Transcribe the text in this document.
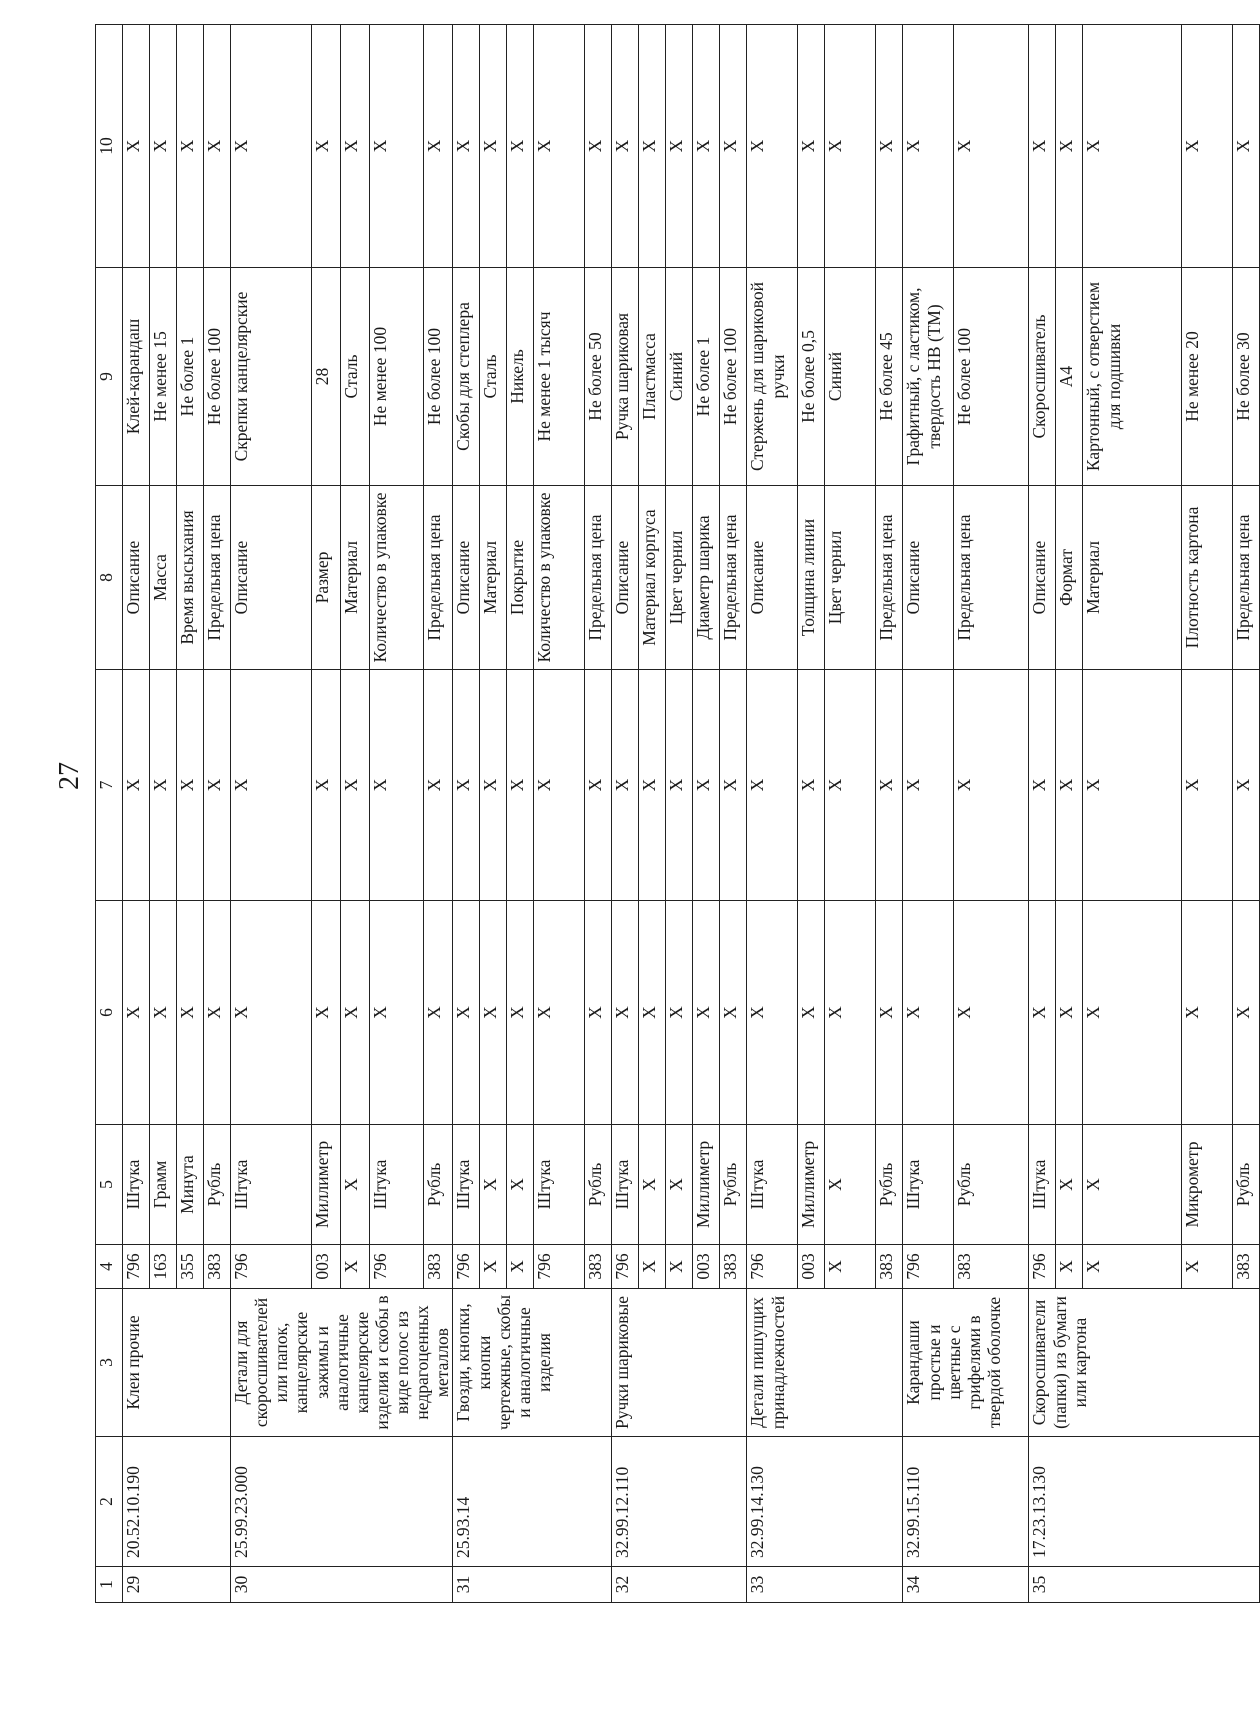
27
1	2	3	4	5	6	7	8	9	10
29	20.52.10.190	Клеи прочие	796	Штука	X	X	Описание	Клей-карандаш	X
			163	Грамм	X	X	Масса	Не менее 15	X
			355	Минута	X	X	Время высыхания	Не более 1	X
			383	Рубль	X	X	Предельная цена	Не более 100	X
30	25.99.23.000	Детали для скоросшивателей или папок, канцелярские зажимы и аналогичные канцелярские изделия и скобы в виде полос из недрагоценных металлов	796	Штука	X	X	Описание	Скрепки канцелярские	X
			003	Миллиметр	X	X	Размер	28	X
			X	X	X	X	Материал	Сталь	X
			796	Штука	X	X	Количество в упаковке	Не менее 100	X
			383	Рубль	X	X	Предельная цена	Не более 100	X
31	25.93.14	Гвозди, кнопки, кнопки чертежные, скобы и аналогичные изделия	796	Штука	X	X	Описание	Скобы для степлера	X
			X	X	X	X	Материал	Сталь	X
			X	X	X	X	Покрытие	Никель	X
			796	Штука	X	X	Количество в упаковке	Не менее 1 тысяч	X
			383	Рубль	X	X	Предельная цена	Не более 50	X
32	32.99.12.110	Ручки шариковые	796	Штука	X	X	Описание	Ручка шариковая	X
			X	X	X	X	Материал корпуса	Пластмасса	X
			X	X	X	X	Цвет чернил	Синий	X
			003	Миллиметр	X	X	Диаметр шарика	Не более 1	X
			383	Рубль	X	X	Предельная цена	Не более 100	X
33	32.99.14.130	Детали пишущих принадлежностей	796	Штука	X	X	Описание	Стержень для шариковой ручки	X
			003	Миллиметр	X	X	Толщина линии	Не более 0,5	X
			X	X	X	X	Цвет чернил	Синий	X
			383	Рубль	X	X	Предельная цена	Не более 45	X
34	32.99.15.110	Карандаши простые и цветные с грифелями в твердой оболочке	796	Штука	X	X	Описание	Графитный, с ластиком, твердость HB (ТМ)	X
			383	Рубль	X	X	Предельная цена	Не более 100	X
35	17.23.13.130	Скоросшиватели (папки) из бумаги или картона	796	Штука	X	X	Описание	Скоросшиватель	X
			X	X	X	X	Формат	A4	X
			X	X	X	X	Материал	Картонный, с отверстием для подшивки	X
			X	Микрометр	X	X	Плотность картона	Не менее 20	X
			383	Рубль	X	X	Предельная цена	Не более 30	X
